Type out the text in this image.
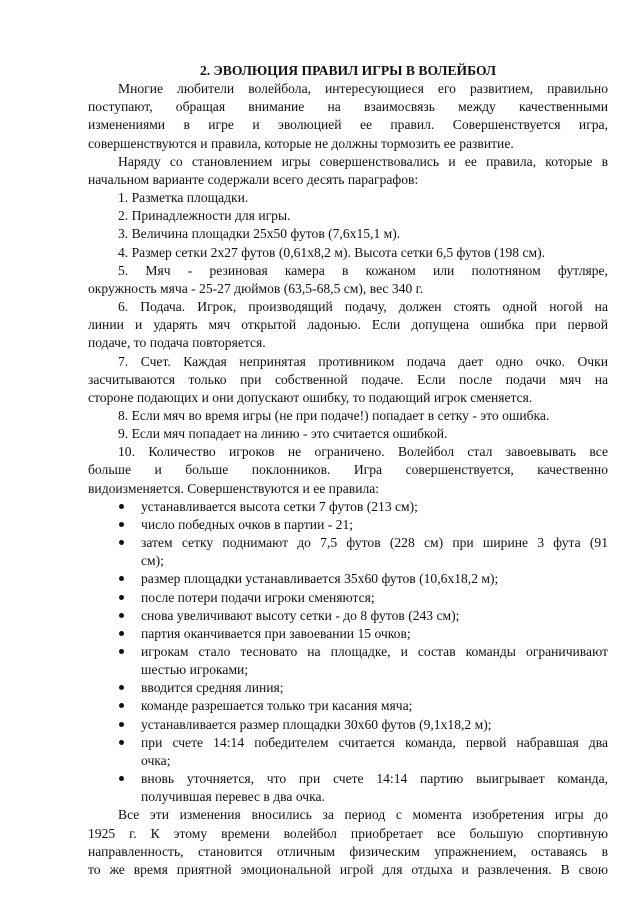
2. ЭВОЛЮЦИЯ ПРАВИЛ ИГРЫ В ВОЛЕЙБОЛ

Многие любители волейбола, интересующиеся его развитием, правильно
поступают, обращая внимание на взаимосвязь между качественными
изменениями в игре и эволюцией ее правил. Совершенствуется игра,
совершенствуются и правила, которые не должны тормозить ее развитие.

Наряду со становлением игры совершенствовались и ее правила, которые в
начальном варианте содержали всего десять параграфов:

1. Разметка площадки.

2. Принадлежности для игры.

3. Величина площадки 25х50 футов (7,6х15,1 м).

4. Размер сетки 2х27 футов (0,61х8,2 м). Высота сетки 6,5 футов (198 см).

5. Мяч - резиновая камера в кожаном или полотняном футляре,
окружность мяча - 25-27 дюймов (63,5-68,5 см), вес 340 г.

6. Подача. Игрок, производящий подачу, должен стоять одной ногой на
линии и ударять мяч открытой ладонью. Если допущена ошибка при первой
подаче, то подача повторяется.

7. Счет. Каждая непринятая противником подача дает одно очко. Очки
засчитываются только при собственной подаче. Если после подачи мяч на
стороне подающих и они допускают ошибку, то подающий игрок сменяется.

8. Если мяч во время игры (не при подаче!) попадает в сетку - это ошибка.

9. Если мяч попадает на линию - это считается ошибкой.

10. Количество игроков не ограничено. Волейбол стал завоевывать все
больше и больше поклонников. Игра совершенствуется, качественно
видоизменяется. Совершенствуются и ее правила:

устанавливается высота сетки 7 футов (213 см);
число победных очков в партии - 21;
затем сетку поднимают до 7,5 футов (228 см) при ширине 3 фута (91
см);
размер площадки устанавливается 35х60 футов (10,6х18,2 м);
после потери подачи игроки сменяются;
снова увеличивают высоту сетки - до 8 футов (243 см);
партия оканчивается при завоевании 15 очков;
игрокам стало тесновато на площадке, и состав команды ограничивают
шестью игроками;
вводится средняя линия;
команде разрешается только три касания мяча;
устанавливается размер площадки 30х60 футов (9,1х18,2 м);
при счете 14:14 победителем считается команда, первой набравшая два
очка;
вновь уточняется, что при счете 14:14 партию выигрывает команда,
получившая перевес в два очка.

Все эти изменения вносились за период с момента изобретения игры до
1925 г. К этому времени волейбол приобретает все большую спортивную
направленность, становится отличным физическим упражнением, оставаясь в
то же время приятной эмоциональной игрой для отдыха и развлечения. В свою
